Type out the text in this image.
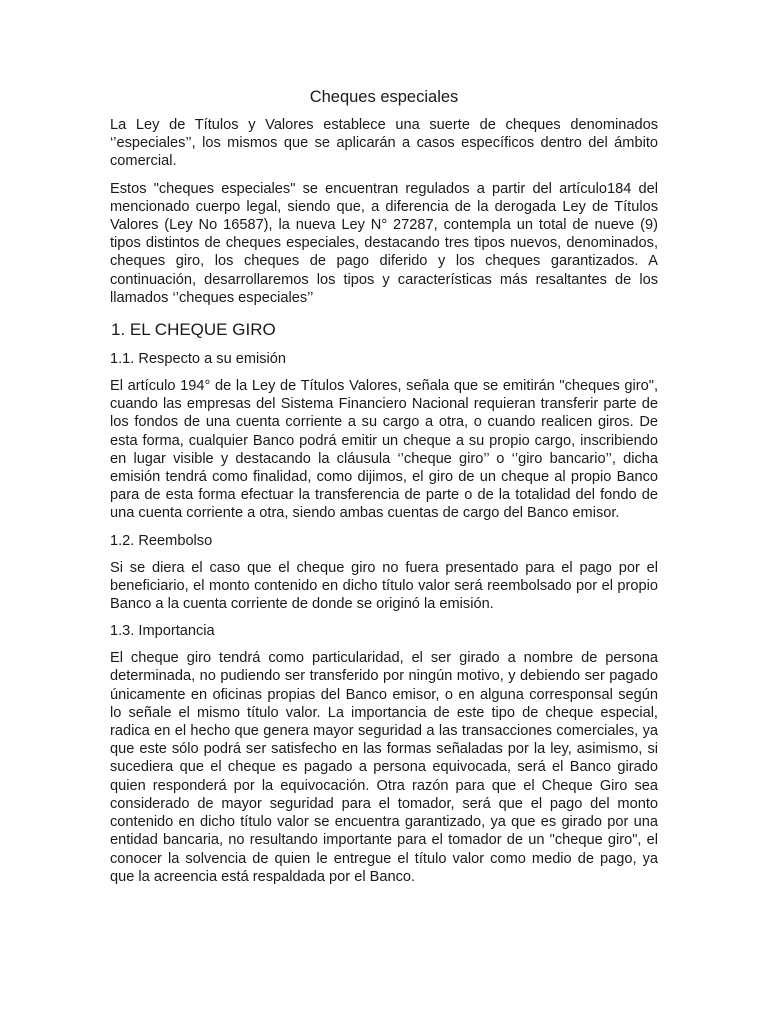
Cheques especiales

La Ley de Títulos y Valores establece una suerte de cheques denominados ‘’especiales’’, los mismos que se aplicarán a casos específicos dentro del ámbito comercial.

Estos "cheques especiales" se encuentran regulados a partir del artículo184 del mencionado cuerpo legal, siendo que, a diferencia de la derogada Ley de Títulos Valores (Ley No 16587), la nueva Ley N° 27287, contempla un total de nueve (9) tipos distintos de cheques especiales, destacando tres tipos nuevos, denominados, cheques giro, los cheques de pago diferido y los cheques garantizados. A continuación, desarrollaremos los tipos y características más resaltantes de los llamados ‘’cheques especiales’’

1. EL CHEQUE GIRO
1.1. Respecto a su emisión

El artículo 194° de la Ley de Títulos Valores, señala que se emitirán "cheques giro", cuando las empresas del Sistema Financiero Nacional requieran transferir parte de los fondos de una cuenta corriente a su cargo a otra, o cuando realicen giros. De esta forma, cualquier Banco podrá emitir un cheque a su propio cargo, inscribiendo en lugar visible y destacando la cláusula ‘’cheque giro’’ o ‘’giro bancario’’, dicha emisión tendrá como finalidad, como dijimos, el giro de un cheque al propio Banco para de esta forma efectuar la transferencia de parte o de la totalidad del fondo de una cuenta corriente a otra, siendo ambas cuentas de cargo del Banco emisor.

1.2. Reembolso

Si se diera el caso que el cheque giro no fuera presentado para el pago por el beneficiario, el monto contenido en dicho título valor será reembolsado por el propio Banco a la cuenta corriente de donde se originó la emisión.

1.3. Importancia

El cheque giro tendrá como particularidad, el ser girado a nombre de persona determinada, no pudiendo ser transferido por ningún motivo, y debiendo ser pagado únicamente en oficinas propias del Banco emisor, o en alguna corresponsal según lo señale el mismo título valor. La importancia de este tipo de cheque especial, radica en el hecho que genera mayor seguridad a las transacciones comerciales, ya que este sólo podrá ser satisfecho en las formas señaladas por la ley, asimismo, si sucediera que el cheque es pagado a persona equivocada, será el Banco girado quien responderá por la equivocación. Otra razón para que el Cheque Giro sea considerado de mayor seguridad para el tomador, será que el pago del monto contenido en dicho título valor se encuentra garantizado, ya que es girado por una entidad bancaria, no resultando importante para el tomador de un "cheque giro", el conocer la solvencia de quien le entregue el título valor como medio de pago, ya que la acreencia está respaldada por el Banco.
